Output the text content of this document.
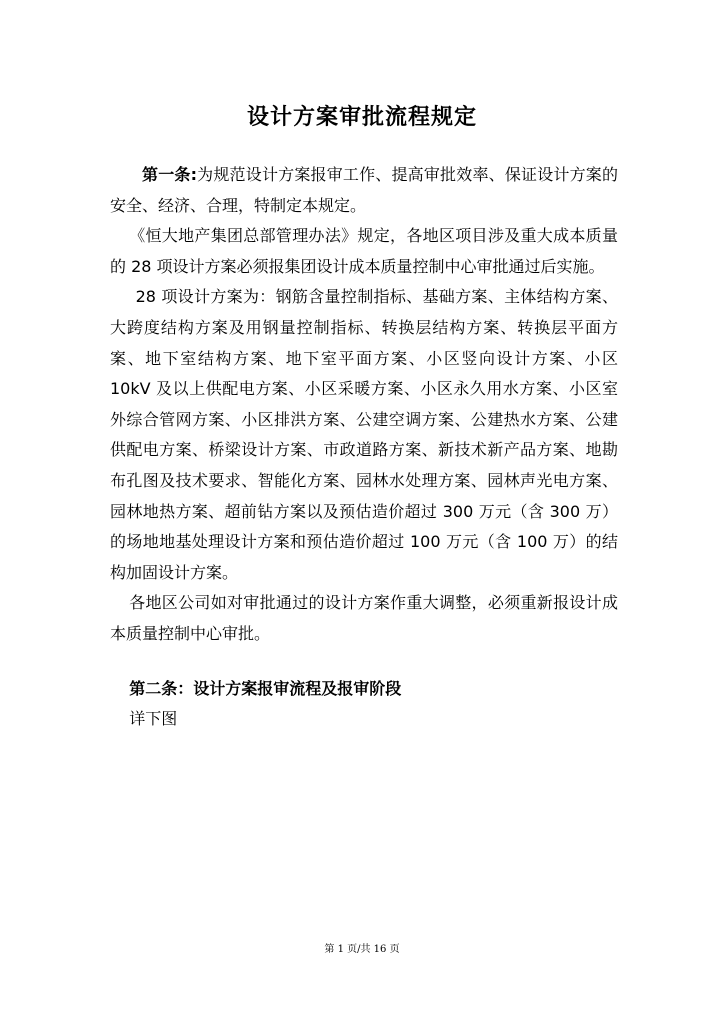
设计方案审批流程规定

第一条:为规范设计方案报审工作、提高审批效率、保证设计方案的安全、经济、合理，特制定本规定。

《恒大地产集团总部管理办法》规定，各地区项目涉及重大成本质量的 28 项设计方案必须报集团设计成本质量控制中心审批通过后实施。

28 项设计方案为：钢筋含量控制指标、基础方案、主体结构方案、大跨度结构方案及用钢量控制指标、转换层结构方案、转换层平面方案、地下室结构方案、地下室平面方案、小区竖向设计方案、小区 10kV 及以上供配电方案、小区采暖方案、小区永久用水方案、小区室外综合管网方案、小区排洪方案、公建空调方案、公建热水方案、公建供配电方案、桥梁设计方案、市政道路方案、新技术新产品方案、地勘布孔图及技术要求、智能化方案、园林水处理方案、园林声光电方案、园林地热方案、超前钻方案以及预估造价超过 300 万元（含 300 万）的场地地基处理设计方案和预估造价超过 100 万元（含 100 万）的结构加固设计方案。

各地区公司如对审批通过的设计方案作重大调整，必须重新报设计成本质量控制中心审批。

第二条：设计方案报审流程及报审阶段

详下图

第 1 页/共 16 页
